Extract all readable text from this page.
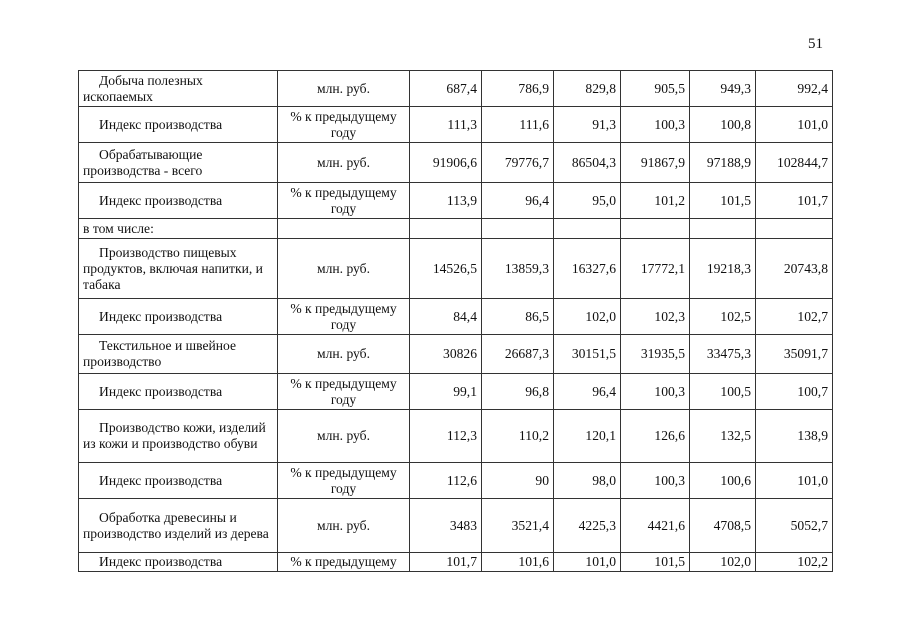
51
Добыча полезных ископаемых	млн. руб.	687,4	786,9	829,8	905,5	949,3	992,4
Индекс производства	% к предыдущему году	111,3	111,6	91,3	100,3	100,8	101,0
Обрабатывающие производства - всего	млн. руб.	91906,6	79776,7	86504,3	91867,9	97188,9	102844,7
Индекс производства	% к предыдущему году	113,9	96,4	95,0	101,2	101,5	101,7
в том числе:							
Производство пищевых продуктов, включая напитки, и табака	млн. руб.	14526,5	13859,3	16327,6	17772,1	19218,3	20743,8
Индекс производства	% к предыдущему году	84,4	86,5	102,0	102,3	102,5	102,7
Текстильное и швейное производство	млн. руб.	30826	26687,3	30151,5	31935,5	33475,3	35091,7
Индекс производства	% к предыдущему году	99,1	96,8	96,4	100,3	100,5	100,7
Производство кожи, изделий из кожи и производство обуви	млн. руб.	112,3	110,2	120,1	126,6	132,5	138,9
Индекс производства	% к предыдущему году	112,6	90	98,0	100,3	100,6	101,0
Обработка древесины и производство изделий из дерева	млн. руб.	3483	3521,4	4225,3	4421,6	4708,5	5052,7
Индекс производства	% к предыдущему	101,7	101,6	101,0	101,5	102,0	102,2
